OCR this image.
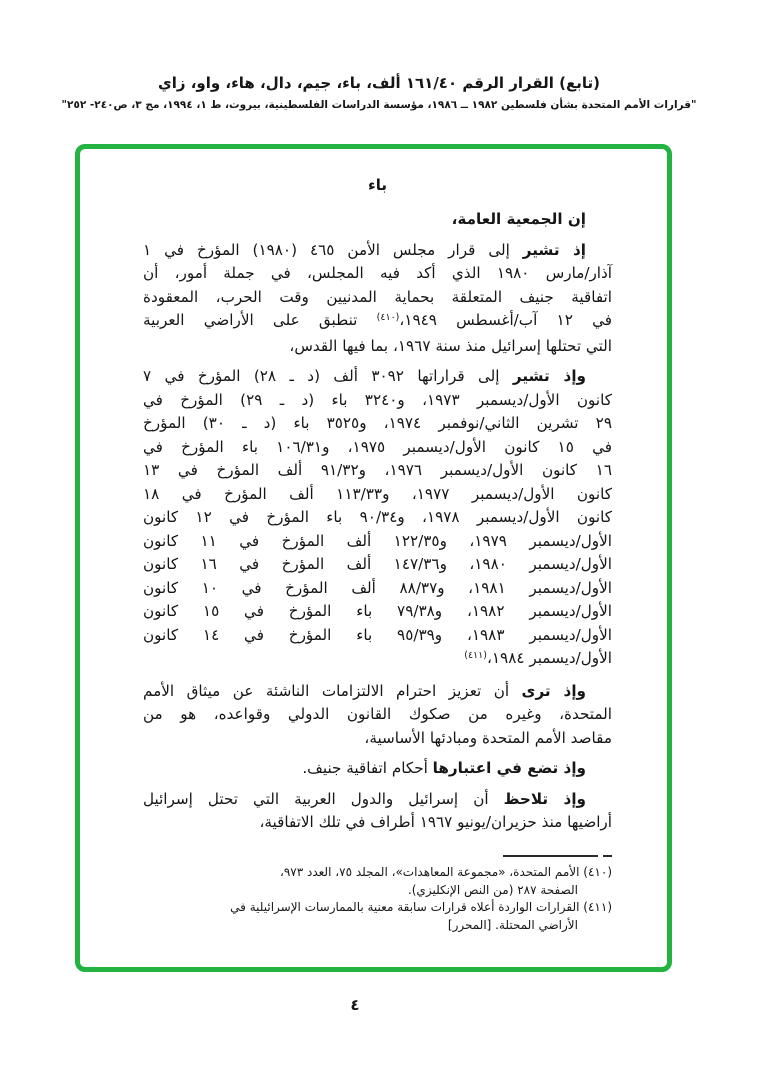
(تابع) القرار الرقم ١٦١/٤٠ ألف، باء، جيم، دال، هاء، واو، زاي
"قرارات الأمم المتحدة بشأن فلسطين ١٩٨٢ ــ ١٩٨٦، مؤسسة الدراسات الفلسطينية، بيروت، ط ١، ١٩٩٤، مج ٣، ص٢٤٠- ٢٥٢"
باء
إن الجمعية العامة،
إذ تشير إلى قرار مجلس الأمن ٤٦٥ (١٩٨٠) المؤرخ في ١
آذار/مارس ١٩٨٠ الذي أكد فيه المجلس، في جملة أمور، أن
اتفاقية جنيف المتعلقة بحماية المدنيين وقت الحرب، المعقودة
في ١٢ آب/أغسطس ١٩٤٩،$^{(٤١٠)}$ تنطبق على الأراضي العربية
التي تحتلها إسرائيل منذ سنة ١٩٦٧، بما فيها القدس،
وإذ تشير إلى قراراتها ٣٠٩٢ ألف (د ـ ٢٨) المؤرخ في ٧
كانون الأول/ديسمبر ١٩٧٣، و٣٢٤٠ باء (د ـ ٢٩) المؤرخ في
٢٩ تشرين الثاني/نوفمبر ١٩٧٤، و٣٥٢٥ باء (د ـ ٣٠) المؤرخ
في ١٥ كانون الأول/ديسمبر ١٩٧٥، و١٠٦/٣١ باء المؤرخ في
١٦ كانون الأول/ديسمبر ١٩٧٦، و٩١/٣٢ ألف المؤرخ في ١٣
كانون الأول/ديسمبر ١٩٧٧، و١١٣/٣٣ ألف المؤرخ في ١٨
كانون الأول/ديسمبر ١٩٧٨، و٩٠/٣٤ باء المؤرخ في ١٢ كانون
الأول/ديسمبر ١٩٧٩، و١٢٢/٣٥ ألف المؤرخ في ١١ كانون
الأول/ديسمبر ١٩٨٠، و١٤٧/٣٦ ألف المؤرخ في ١٦ كانون
الأول/ديسمبر ١٩٨١، و٨٨/٣٧ ألف المؤرخ في ١٠ كانون
الأول/ديسمبر ١٩٨٢، و٧٩/٣٨ باء المؤرخ في ١٥ كانون
الأول/ديسمبر ١٩٨٣، و٩٥/٣٩ باء المؤرخ في ١٤ كانون
الأول/ديسمبر ١٩٨٤،$^{(٤١١)}$
وإذ ترى أن تعزيز احترام الالتزامات الناشئة عن ميثاق الأمم
المتحدة، وغيره من صكوك القانون الدولي وقواعده، هو من
مقاصد الأمم المتحدة ومبادئها الأساسية،
وإذ تضع في اعتبارها أحكام اتفاقية جنيف.
وإذ تلاحظ أن إسرائيل والدول العربية التي تحتل إسرائيل
أراضيها منذ حزيران/يونيو ١٩٦٧ أطراف في تلك الاتفاقية،
(٤١٠) الأمم المتحدة، «مجموعة المعاهدات»، المجلد ٧٥، العدد ٩٧٣،
الصفحة ٢٨٧ (من النص الإنكليزي).
(٤١١) القرارات الواردة أعلاه قرارات سابقة معنية بالممارسات الإسرائيلية في
الأراضي المحتلة. [المحرر]
٤
